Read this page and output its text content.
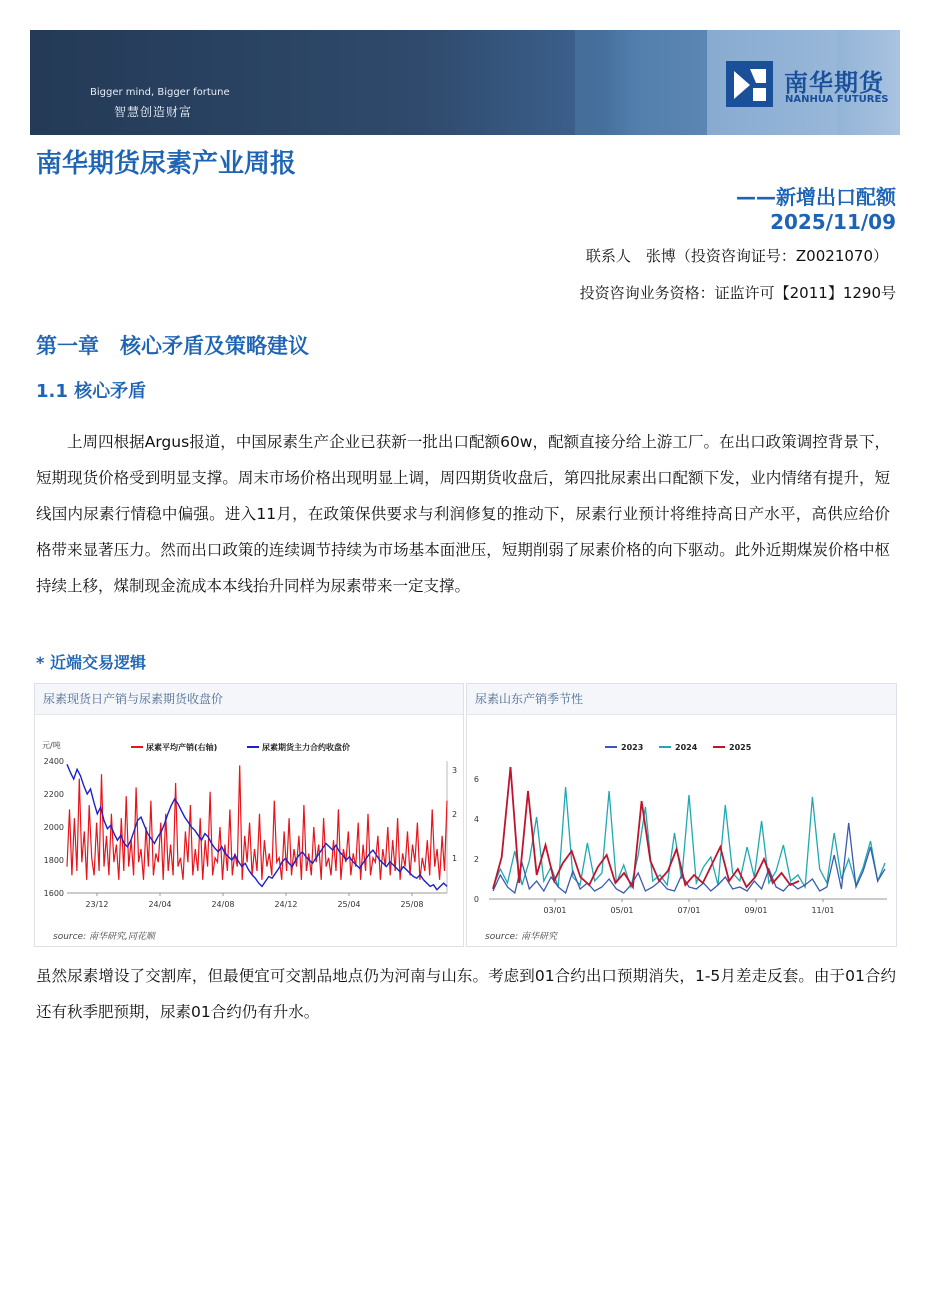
Bigger mind, Bigger fortune
智慧创造财富
南华期货
NANHUA FUTURES
南华期货尿素产业周报
——新增出口配额
2025/11/09
联系人　张博（投资咨询证号：Z0021070）
投资咨询业务资格：证监许可【2011】1290号
第一章　核心矛盾及策略建议
1.1 核心矛盾
上周四根据Argus报道，中国尿素生产企业已获新一批出口配额60w，配额直接分给上游工厂。在出口政策调控背景下，短期现货价格受到明显支撑。周末市场价格出现明显上调，周四期货收盘后，第四批尿素出口配额下发，业内情绪有提升，短线国内尿素行情稳中偏强。进入11月，在政策保供要求与利润修复的推动下，尿素行业预计将维持高日产水平，高供应给价格带来显著压力。然而出口政策的连续调节持续为市场基本面泄压，短期削弱了尿素价格的向下驱动。此外近期煤炭价格中枢持续上移，煤制现金流成本本线抬升同样为尿素带来一定支撑。
* 近端交易逻辑
尿素现货日产销与尿素期货收盘价
元/吨
1600
1800
2000
2200
2400
1
2
3
23/12	24/04	24/08	24/12	25/04	25/08
尿素平均产销(右轴)	尿素期货主力合约收盘价
source: 南华研究,同花顺
尿素山东产销季节性
0
2
4
6
03/01	05/01	07/01	09/01	11/01
2023	2024	2025
source: 南华研究
虽然尿素增设了交割库，但最便宜可交割品地点仍为河南与山东。考虑到01合约出口预期消失，1-5月差走反套。由于01合约还有秋季肥预期，尿素01合约仍有升水。
